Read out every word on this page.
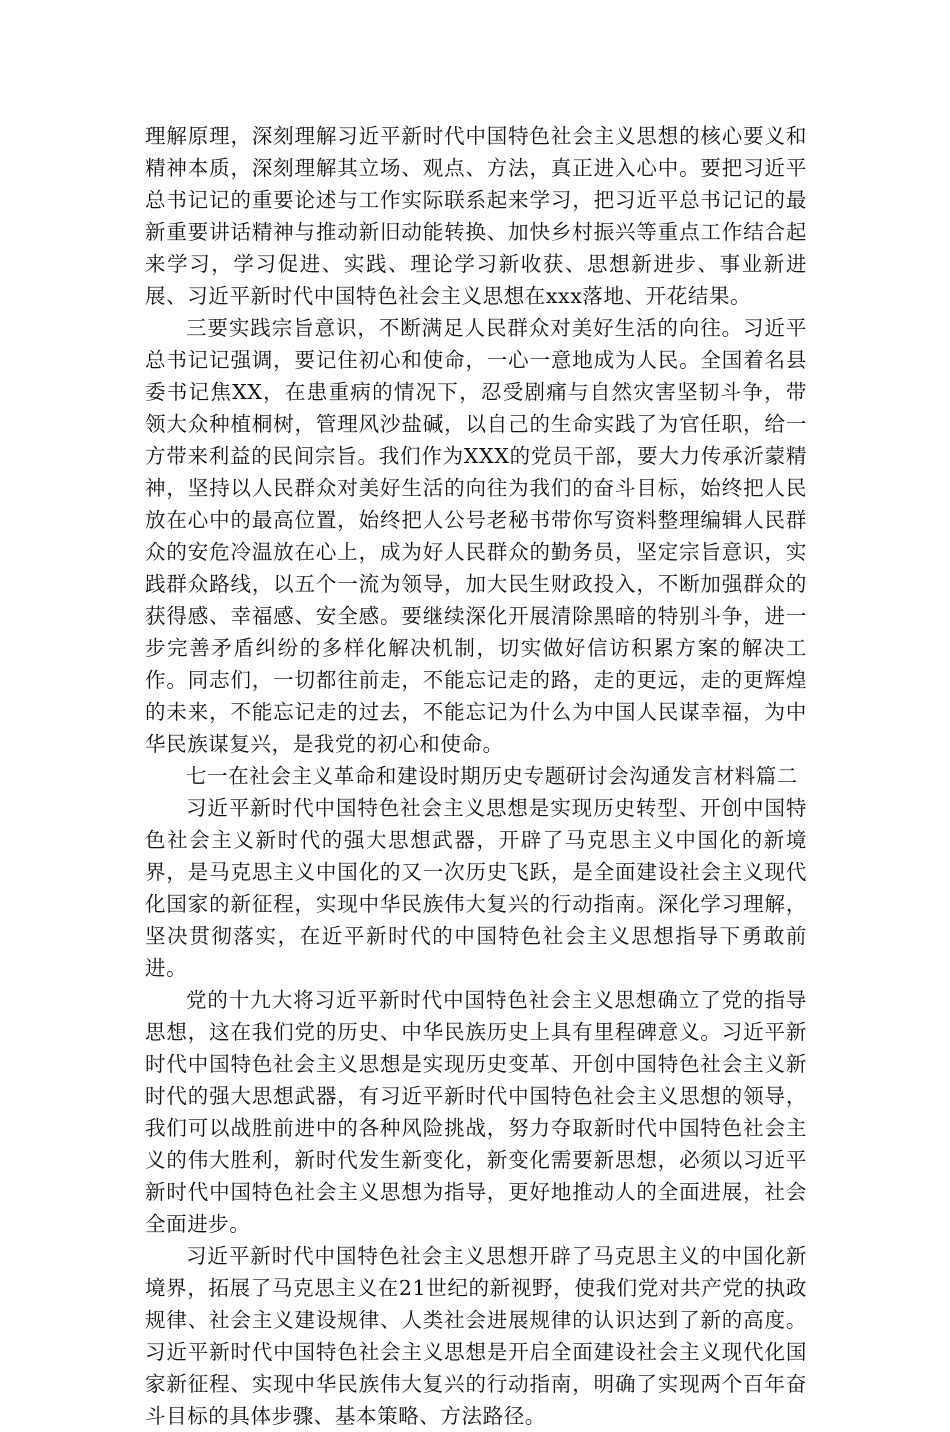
理解原理，深刻理解习近平新时代中国特色社会主义思想的核心要义和精神本质，深刻理解其立场、观点、方法，真正进入心中。要把习近平总书记记的重要论述与工作实际联系起来学习，把习近平总书记记的最新重要讲话精神与推动新旧动能转换、加快乡村振兴等重点工作结合起来学习，学习促进、实践、理论学习新收获、思想新进步、事业新进展、习近平新时代中国特色社会主义思想在xxx落地、开花结果。

三要实践宗旨意识，不断满足人民群众对美好生活的向往。习近平总书记记强调，要记住初心和使命，一心一意地成为人民。全国着名县委书记焦XX，在患重病的情况下，忍受剧痛与自然灾害坚韧斗争，带领大众种植桐树，管理风沙盐碱，以自己的生命实践了为官任职，给一方带来利益的民间宗旨。我们作为XXX的党员干部，要大力传承沂蒙精神，坚持以人民群众对美好生活的向往为我们的奋斗目标，始终把人民放在心中的最高位置，始终把人公号老秘书带你写资料整理编辑人民群众的安危冷温放在心上，成为好人民群众的勤务员，坚定宗旨意识，实践群众路线，以五个一流为领导，加大民生财政投入，不断加强群众的获得感、幸福感、安全感。要继续深化开展清除黑暗的特别斗争，进一步完善矛盾纠纷的多样化解决机制，切实做好信访积累方案的解决工作。同志们，一切都往前走，不能忘记走的路，走的更远，走的更辉煌的未来，不能忘记走的过去，不能忘记为什么为中国人民谋幸福，为中华民族谋复兴，是我党的初心和使命。

七一在社会主义革命和建设时期历史专题研讨会沟通发言材料篇二

习近平新时代中国特色社会主义思想是实现历史转型、开创中国特色社会主义新时代的强大思想武器，开辟了马克思主义中国化的新境界，是马克思主义中国化的又一次历史飞跃，是全面建设社会主义现代化国家的新征程，实现中华民族伟大复兴的行动指南。深化学习理解，坚决贯彻落实，在近平新时代的中国特色社会主义思想指导下勇敢前进。

党的十九大将习近平新时代中国特色社会主义思想确立了党的指导思想，这在我们党的历史、中华民族历史上具有里程碑意义。习近平新时代中国特色社会主义思想是实现历史变革、开创中国特色社会主义新时代的强大思想武器，有习近平新时代中国特色社会主义思想的领导，我们可以战胜前进中的各种风险挑战，努力夺取新时代中国特色社会主义的伟大胜利，新时代发生新变化，新变化需要新思想，必须以习近平新时代中国特色社会主义思想为指导，更好地推动人的全面进展，社会全面进步。

习近平新时代中国特色社会主义思想开辟了马克思主义的中国化新境界，拓展了马克思主义在21世纪的新视野，使我们党对共产党的执政规律、社会主义建设规律、人类社会进展规律的认识达到了新的高度。习近平新时代中国特色社会主义思想是开启全面建设社会主义现代化国家新征程、实现中华民族伟大复兴的行动指南，明确了实现两个百年奋斗目标的具体步骤、基本策略、方法路径。
